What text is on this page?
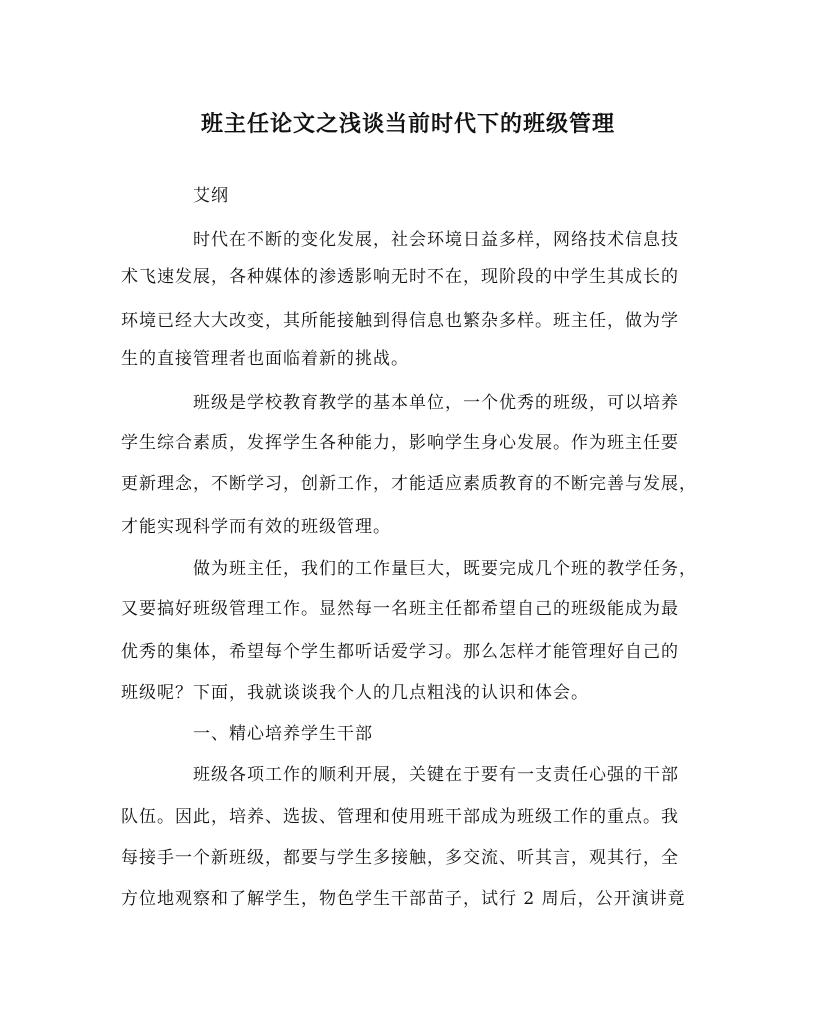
班主任论文之浅谈当前时代下的班级管理
艾纲
时代在不断的变化发展，社会环境日益多样，网络技术信息技
术飞速发展，各种媒体的渗透影响无时不在，现阶段的中学生其成长的
环境已经大大改变，其所能接触到得信息也繁杂多样。班主任，做为学
生的直接管理者也面临着新的挑战。
班级是学校教育教学的基本单位，一个优秀的班级，可以培养
学生综合素质，发挥学生各种能力，影响学生身心发展。作为班主任要
更新理念，不断学习，创新工作，才能适应素质教育的不断完善与发展，
才能实现科学而有效的班级管理。
做为班主任，我们的工作量巨大，既要完成几个班的教学任务，
又要搞好班级管理工作。显然每一名班主任都希望自己的班级能成为最
优秀的集体，希望每个学生都听话爱学习。那么怎样才能管理好自己的
班级呢？下面，我就谈谈我个人的几点粗浅的认识和体会。
一、精心培养学生干部
班级各项工作的顺利开展，关键在于要有一支责任心强的干部
队伍。因此，培养、选拔、管理和使用班干部成为班级工作的重点。我
每接手一个新班级，都要与学生多接触，多交流、听其言，观其行，全
方位地观察和了解学生，物色学生干部苗子，试行 2 周后，公开演讲竟
